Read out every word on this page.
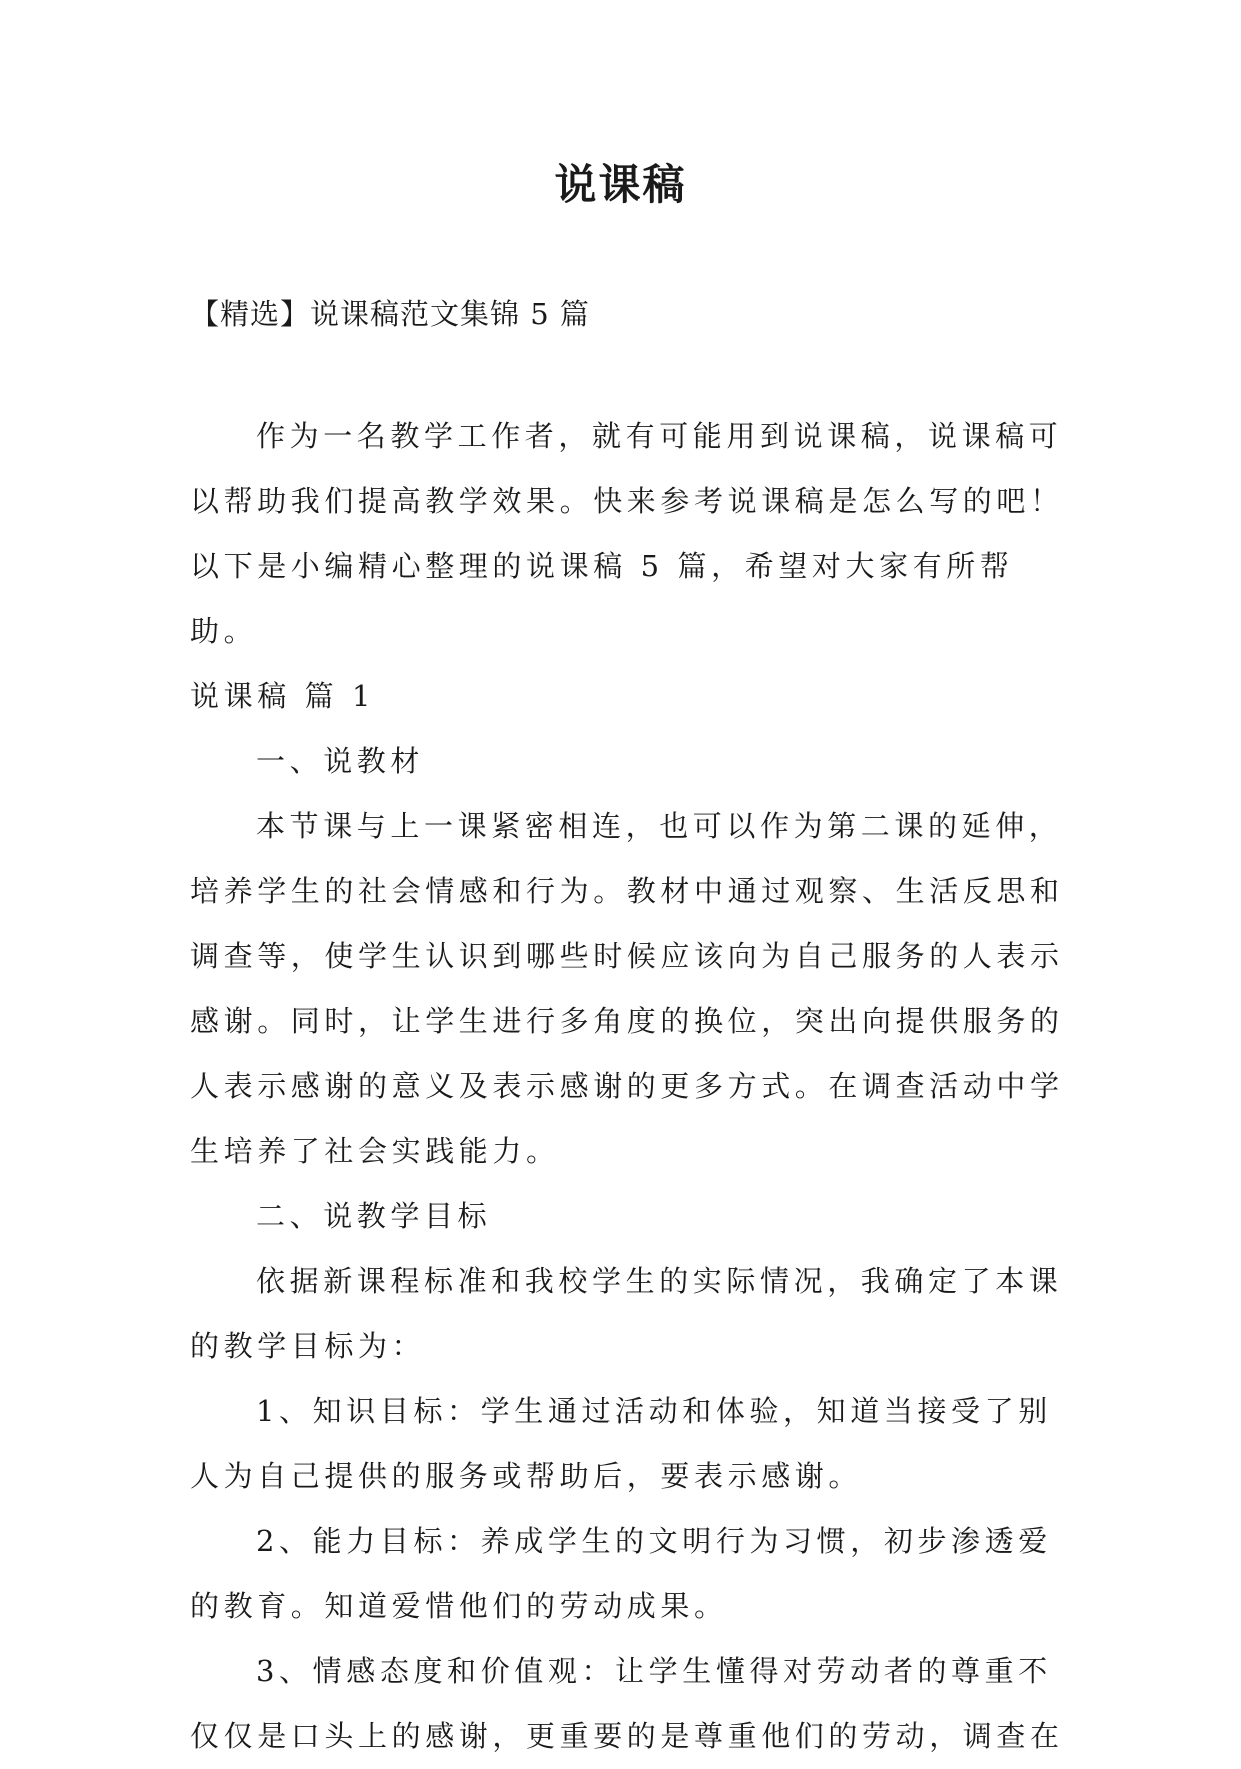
说课稿
【精选】说课稿范文集锦 5 篇

作为一名教学工作者，就有可能用到说课稿，说课稿可以帮助我们提高教学效果。快来参考说课稿是怎么写的吧！以下是小编精心整理的说课稿 5 篇，希望对大家有所帮助。

说课稿 篇 1

一、说教材

本节课与上一课紧密相连，也可以作为第二课的延伸，培养学生的社会情感和行为。教材中通过观察、生活反思和调查等，使学生认识到哪些时候应该向为自己服务的人表示感谢。同时，让学生进行多角度的换位，突出向提供服务的人表示感谢的意义及表示感谢的更多方式。在调查活动中学生培养了社会实践能力。

二、说教学目标

依据新课程标准和我校学生的实际情况，我确定了本课的教学目标为：

1、知识目标：学生通过活动和体验，知道当接受了别人为自己提供的服务或帮助后，要表示感谢。

2、能力目标：养成学生的文明行为习惯，初步渗透爱的教育。知道爱惜他们的劳动成果。

3、情感态度和价值观：让学生懂得对劳动者的尊重不仅仅是口头上的感谢，更重要的是尊重他们的劳动，调查在
